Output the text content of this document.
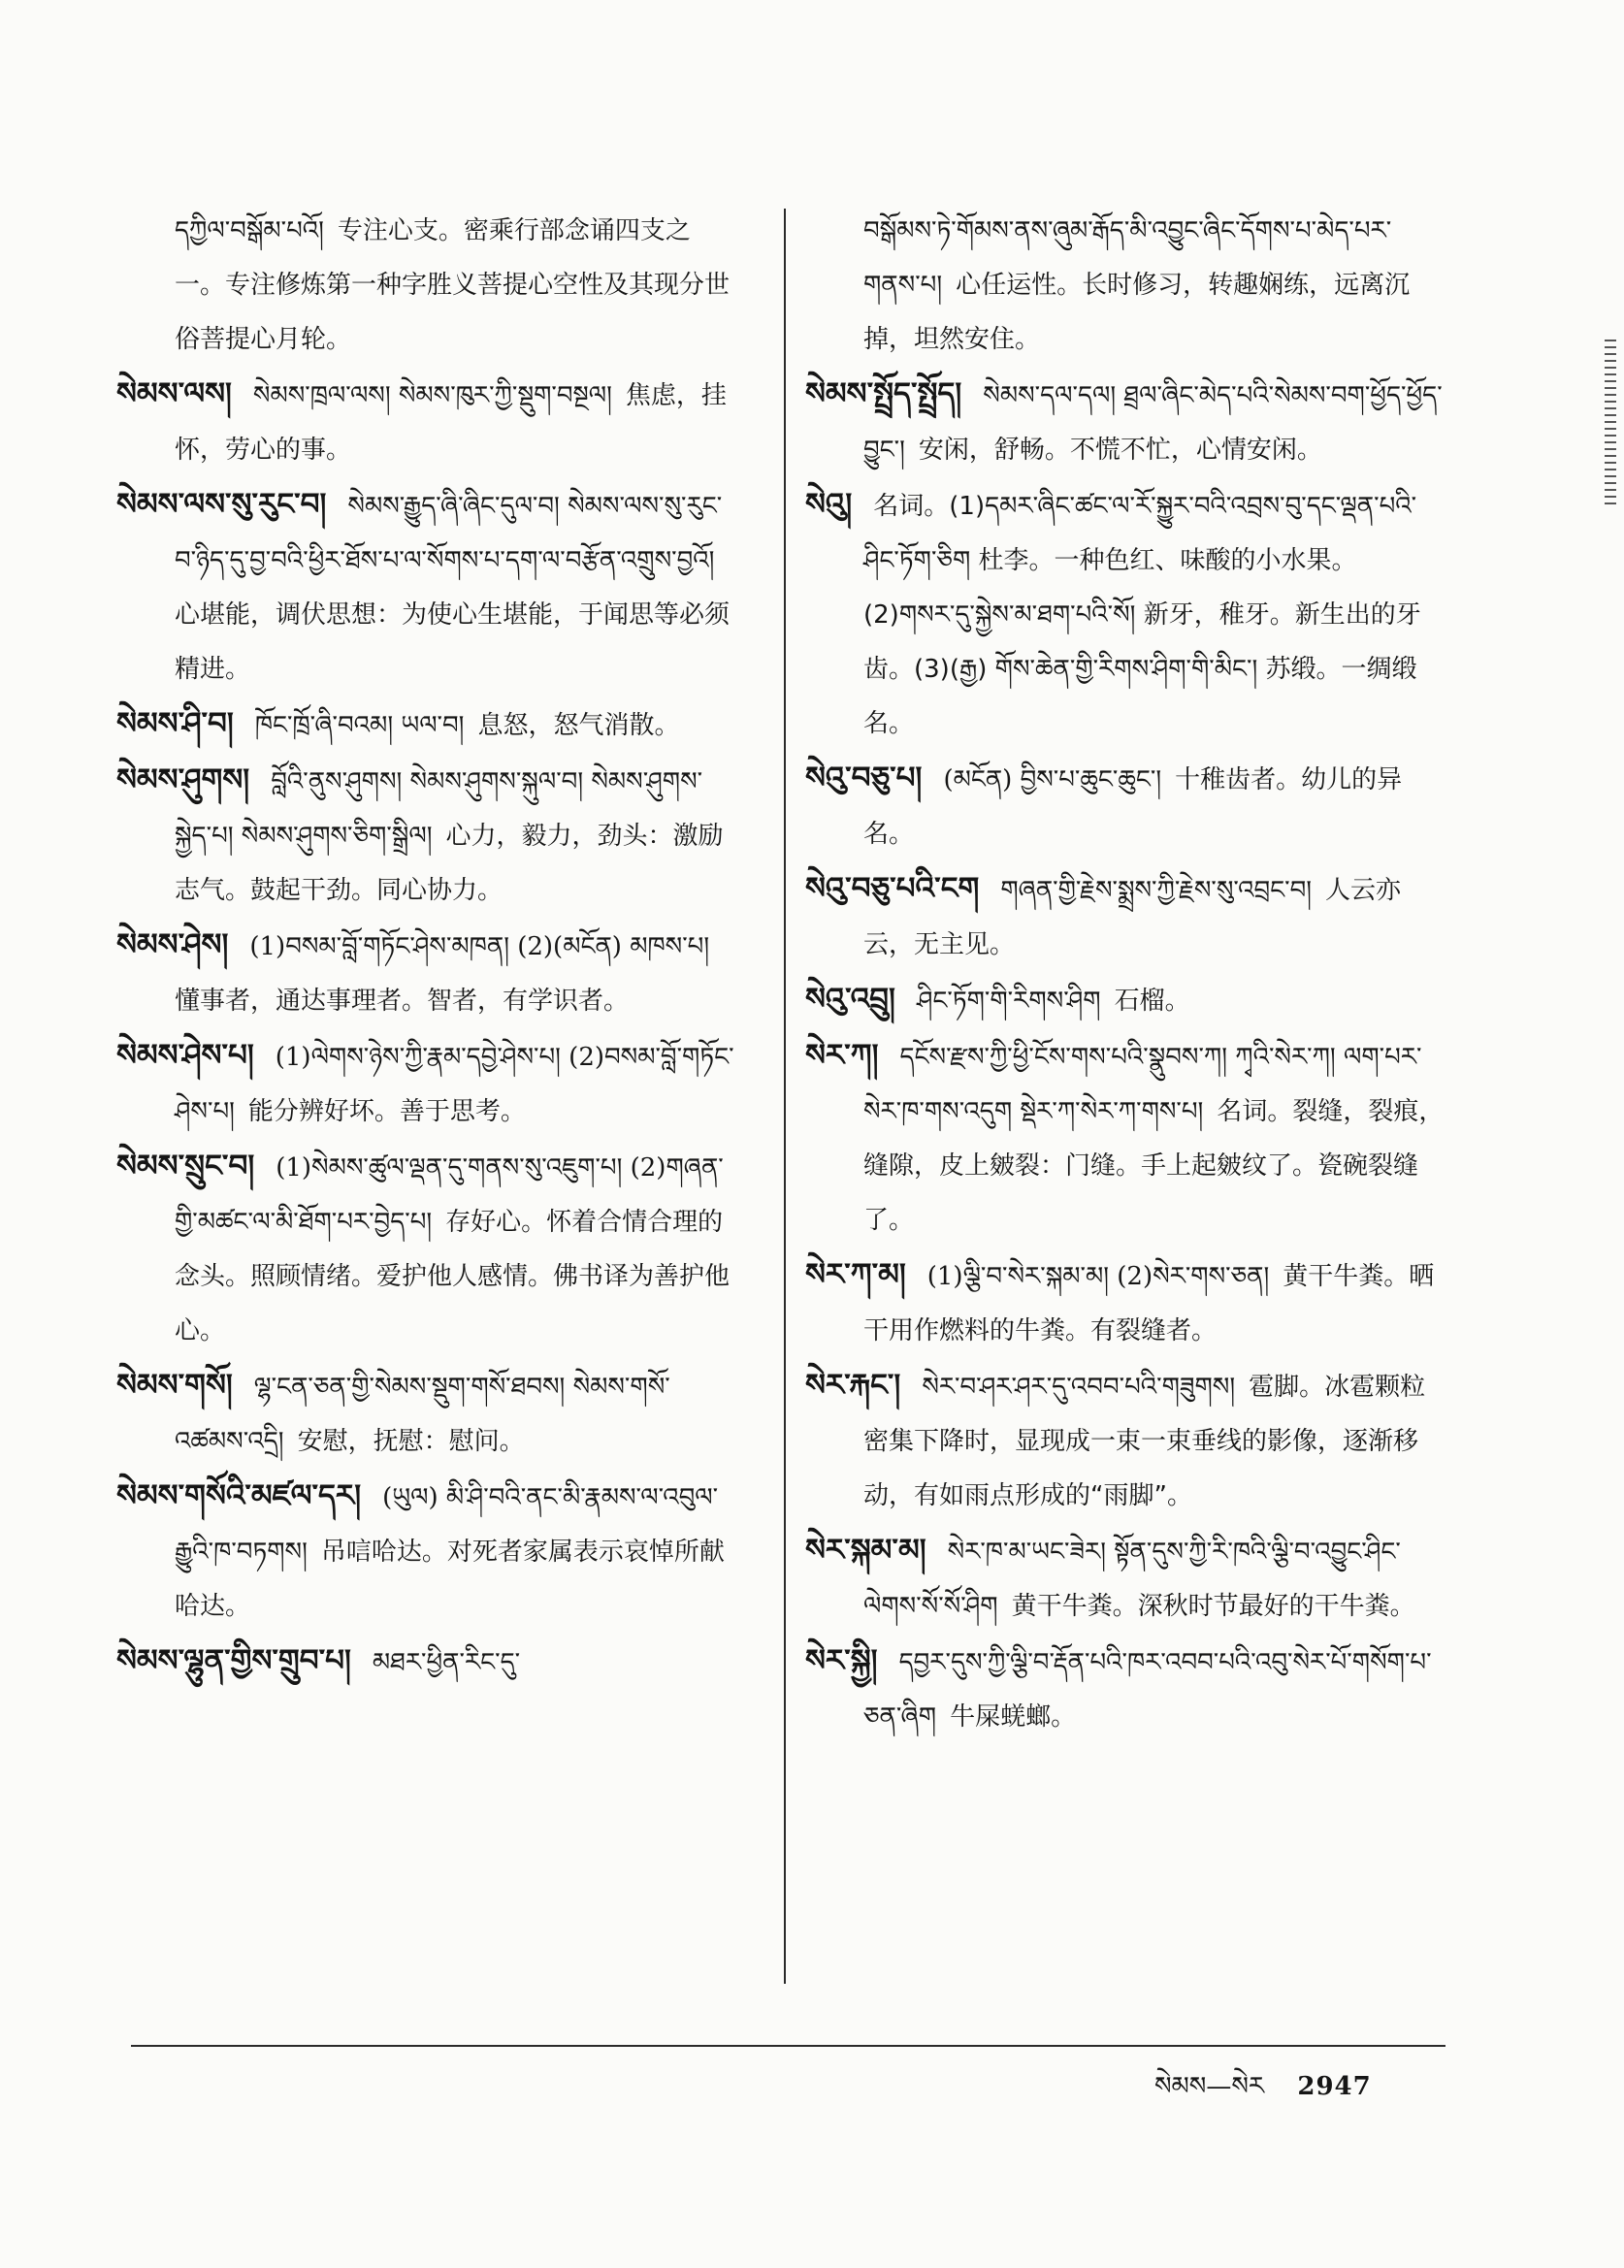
དཀྱིལ་བསྒོམ་པའོ། 专注心支。密乘行部念诵四支之一。专注修炼第一种字胜义菩提心空性及其现分世俗菩提心月轮。

སེམས་ལས། སེམས་ཁྲལ་ལས། སེམས་ཁུར་ཀྱི་སྡུག་བསྔལ། 焦虑，挂怀，劳心的事。

སེམས་ལས་སུ་རུང་བ། སེམས་རྒྱུད་ཞི་ཞིང་དུལ་བ། སེམས་ལས་སུ་རུང་བ་ཉིད་དུ་བྱ་བའི་ཕྱིར་ཐོས་པ་ལ་སོགས་པ་དག་ལ་བརྩོན་འགྲུས་བྱའོ།心堪能，调伏思想：为使心生堪能，于闻思等必须精进。

སེམས་ཤི་བ། ཁོང་ཁྲོ་ཞི་བའམ། ཡལ་བ། 息怒，怒气消散。

སེམས་ཤུགས། བློའི་ནུས་ཤུགས། སེམས་ཤུགས་སྐུལ་བ། སེམས་ཤུགས་སྐྱེད་པ། སེམས་ཤུགས་ཅིག་སྒྲིལ། 心力，毅力，劲头：激励志气。鼓起干劲。同心协力。

སེམས་ཤེས། (1)བསམ་བློ་གཏོང་ཤེས་མཁན། (2)(མངོན) མཁས་པ།懂事者，通达事理者。智者，有学识者。

སེམས་ཤེས་པ། (1)ལེགས་ཉེས་ཀྱི་རྣམ་དབྱེ་ཤེས་པ། (2)བསམ་བློ་གཏོང་ཤེས་པ། 能分辨好坏。善于思考。

སེམས་སྲུང་བ། (1)སེམས་ཚུལ་ལྡན་དུ་གནས་སུ་འཇུག་པ། (2)གཞན་གྱི་མཚང་ལ་མི་ཐོག་པར་བྱེད་པ། 存好心。怀着合情合理的念头。照顾情绪。爱护他人感情。佛书译为善护他心。

སེམས་གསོ། ལྷ་ངན་ཅན་གྱི་སེམས་སྡུག་གསོ་ཐབས། སེམས་གསོ་འཚམས་འདྲི། 安慰，抚慰：慰问。

སེམས་གསོའི་མཛལ་དར། (ཡུལ) མི་ཤི་བའི་ནང་མི་རྣམས་ལ་འབུལ་རྒྱུའི་ཁ་བཏགས། 吊唁哈达。对死者家属表示哀悼所献哈达。

སེམས་ལྷུན་གྱིས་གྲུབ་པ། མཐར་ཕྱིན་རིང་དུ་

བསྒོམས་ཏེ་གོམས་ནས་ཞུམ་རྒོད་མི་འབྱུང་ཞིང་དོགས་པ་མེད་པར་གནས་པ། 心任运性。长时修习，转趣娴练，远离沉掉，坦然安住。

སེམས་སྤྲོད་སྤྲོད། སེམས་དལ་དལ། ཐྲལ་ཞིང་མེད་པའི་སེམས་བག་ཕྱོད་ཕྱོད་བྱུང་། 安闲，舒畅。不慌不忙，心情安闲。

སེའུ། 名词。(1)དམར་ཞིང་ཚང་ལ་རོ་སྐྱུར་བའི་འབྲས་བུ་དང་ལྡན་པའི་ཤིང་ཏོག་ཅིག 杜李。一种色红、味酸的小水果。(2)གསར་དུ་སྐྱེས་མ་ཐག་པའི་སོ། 新牙，稚牙。新生出的牙齿。(3)(རྒྱ) གོས་ཆེན་གྱི་རིགས་ཤིག་གི་མིང་། 苏缎。一绸缎名。

སེའུ་བཅུ་པ། (མངོན) བྱིས་པ་ཆུང་ཆུང་། 十稚齿者。幼儿的异名。

སེའུ་བཅུ་པའི་ངག གཞན་གྱི་རྗེས་སྨྲས་ཀྱི་རྗེས་སུ་འབྲང་བ། 人云亦云，无主见。

སེའུ་འབྲུ། ཤིང་ཏོག་གི་རིགས་ཤིག 石榴。

སེར་ཀ། དངོས་རྫས་ཀྱི་ཕྱི་ངོས་གས་པའི་སྣུབས་ཀ། ཀྭའི་སེར་ཀ། ལག་པར་སེར་ཁ་གས་འདུག སྡེར་ཀ་སེར་ཀ་གས་པ། 名词。裂缝，裂痕，缝隙，皮上皴裂：门缝。手上起皴纹了。瓷碗裂缝了。

སེར་ཀ་མ། (1)ལྕི་བ་སེར་སྐམ་མ། (2)སེར་གས་ཅན། 黄干牛粪。晒干用作燃料的牛粪。有裂缝者。

སེར་རྐང་། སེར་བ་ཤར་ཤར་དུ་འབབ་པའི་གཟུགས། 雹脚。冰雹颗粒密集下降时，显现成一束一束垂线的影像，逐渐移动，有如雨点形成的“雨脚”。

སེར་སྐམ་མ། སེར་ཁ་མ་ཡང་ཟེར། སྟོན་དུས་ཀྱི་རི་ཁའི་ལྕི་བ་འབྱུང་ཤིང་ལེགས་སོ་སོ་ཤིག 黄干牛粪。深秋时节最好的干牛粪。

སེར་སྐྱི། དབྱར་དུས་ཀྱི་ལྕི་བ་རྡོན་པའི་ཁར་འབབ་པའི་འབུ་སེར་པོ་གསོག་པ་ཅན་ཞིག 牛屎蜣螂。

སེམས—སེར 2947
